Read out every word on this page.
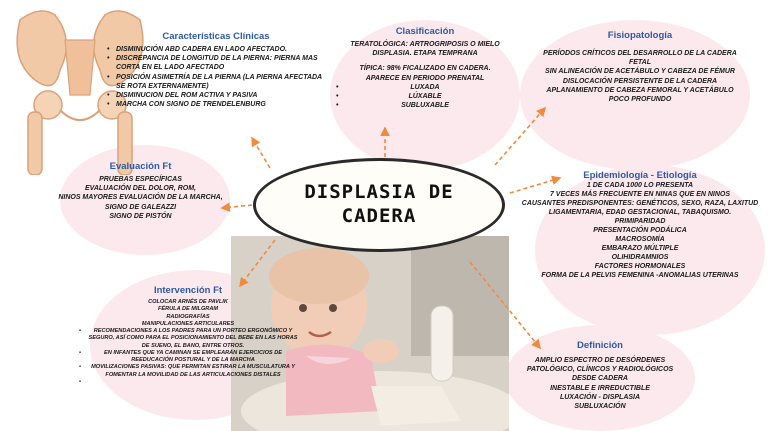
DISPLASIA DE
CADERA
Características Clínicas
• DISMINUCIÓN ABD CADERA EN LADO AFECTADO.
• DISCREPANCIA DE LONGITUD DE LA PIERNA: PIERNA MAS CORTA EN EL LADO AFECTADO
• POSICIÓN ASIMETRÍA DE LA PIERNA (LA PIERNA AFECTADA SE ROTA EXTERNAMENTE)
• DISMINUCION DEL ROM ACTIVA Y PASIVA
• MARCHA CON SIGNO DE TRENDELENBURG
Clasificación
TERATOLÓGICA: ARTROGRIPOSIS O MIELO DISPLASIA. ETAPA TEMPRANA
TÍPICA: 98% FICALIZADO EN CADERA. APARECE EN PERIODO PRENATAL
• LUXADA
• LÚXABLE
• SUBLUXABLE
Fisiopatología
PERÍODOS CRÍTICOS DEL DESARROLLO DE LA CADERA FETAL
SIN ALINEACIÓN DE ACETÁBULO Y CABEZA DE FÉMUR
DISLOCACIÓN PERSISTENTE DE LA CADERA
APLANAMIENTO DE CABEZA FEMORAL Y ACETÁBULO POCO PROFUNDO
Evaluación Ft
PRUEBAS ESPECÍFICAS
EVALUACIÓN DEL DOLOR, ROM,
NINOS MAYORES EVALUACIÓN DE LA MARCHA,
SIGNO DE GALEAZZI
SIGNO DE PISTÓN
Epidemiología - Etiología
1 DE CADA 1000 LO PRESENTA
7 VECES MÁS FRECUENTE EN NINAS QUE EN NINOS
CAUSANTES PREDISPONENTES: GENÉTICOS, SEXO, RAZA, LAXITUD LIGAMENTARIA, EDAD GESTACIONAL, TABAQUISMO.
PRIMIPARIDAD
PRESENTACIÓN PODÁLICA
MACROSOMÍA
EMBARAZO MÚLTIPLE
OLIHIDRAMNIOS
FACTORES HORMONALES
FORMA DE LA PELVIS FEMENINA -ANOMALIAS UTERINAS
Intervención Ft
COLOCAR ARNÉS DE PAVLIK
FÉRULA DE MILGRAM
RADIOGRAFÍAS
MANIPULACIONES ARTICULARES
• RECOMENDACIONES A LOS PADRES PARA UN PORTEO ERGONÓMICO Y SEGURO, ASÍ COMO PARA EL POSICIONAMIENTO DEL BEBE EN LAS HORAS DE SUENO, EL BANO, ENTRE OTROS.
• EN INFANTES QUE YA CAMINAN SE EMPLEARÁN EJERCICIOS DE REEDUCACIÓN POSTURAL Y DE LA MARCHA
• MOVILIZACIONES PASIVAS: QUE PERMITAN ESTIRAR LA MUSCULATURA Y FOMENTAR LA MOVILIDAD DE LAS ARTICULACIONES DISTALES
•
Definición
AMPLIO ESPECTRO DE DESÓRDENES PATOLÓGICO, CLÍNICOS Y RADIOLÓGICOS DESDE CADERA
INESTABLE E IRREDUCTIBLE
LUXACIÓN - DISPLASIA
SUBLUXACIÓN
